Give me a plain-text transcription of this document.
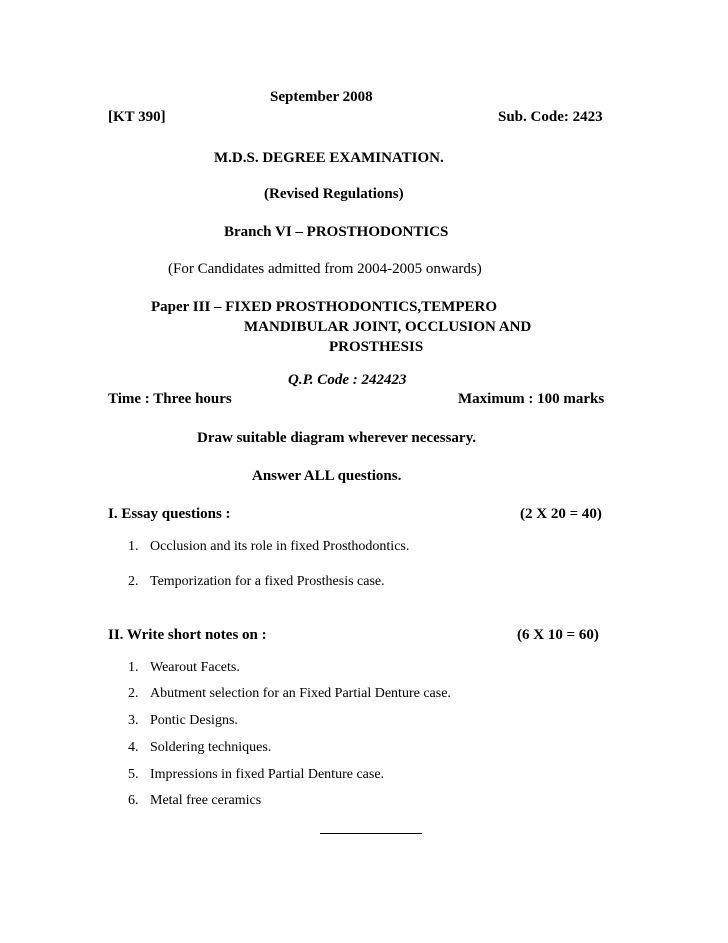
September 2008
[KT 390]	Sub. Code: 2423
M.D.S. DEGREE EXAMINATION.
(Revised Regulations)
Branch VI – PROSTHODONTICS
(For Candidates admitted from 2004-2005 onwards)
Paper III – FIXED PROSTHODONTICS,TEMPERO
MANDIBULAR JOINT, OCCLUSION AND
PROSTHESIS
Q.P. Code : 242423
Time : Three hours	Maximum : 100 marks
Draw suitable diagram wherever necessary.
Answer ALL questions.
I. Essay questions :	(2 X 20 = 40)
1. Occlusion and its role in fixed Prosthodontics.
2. Temporization for a fixed Prosthesis case.
II. Write short notes on :	(6 X 10 = 60)
1. Wearout Facets.
2. Abutment selection for an Fixed Partial Denture case.
3. Pontic Designs.
4. Soldering techniques.
5. Impressions in fixed Partial Denture case.
6. Metal free ceramics
